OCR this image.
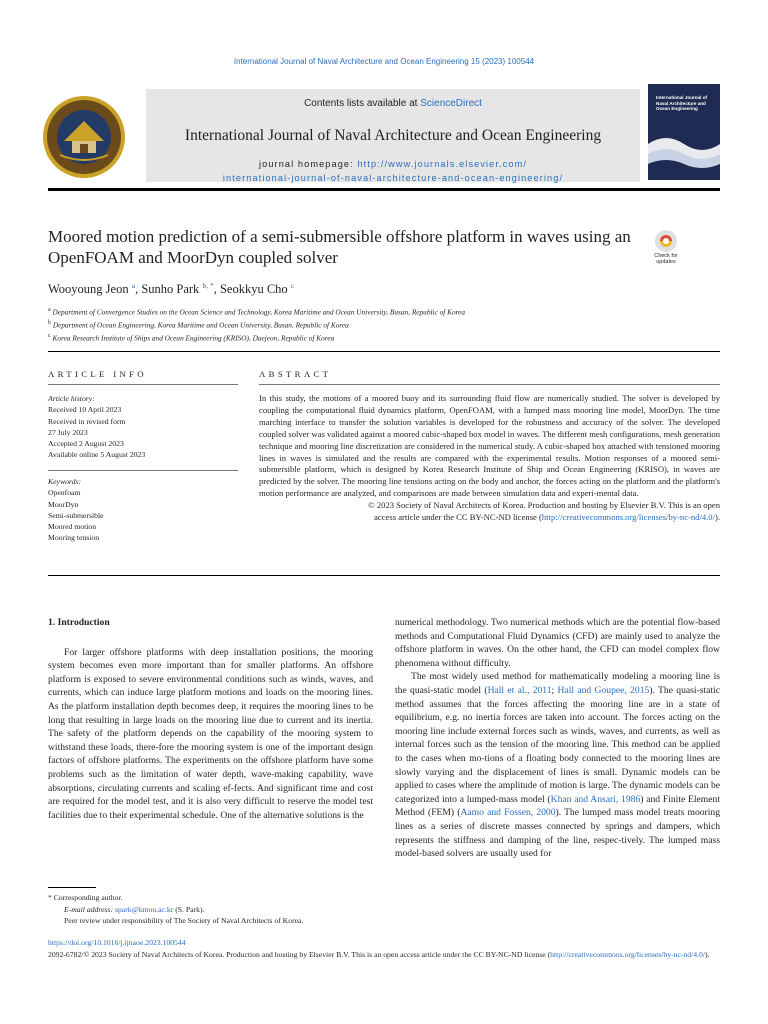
International Journal of Naval Architecture and Ocean Engineering 15 (2023) 100544
Contents lists available at ScienceDirect
International Journal of Naval Architecture and Ocean Engineering
journal homepage: http://www.journals.elsevier.com/
international-journal-of-naval-architecture-and-ocean-engineering/
International Journal of Naval Architecture and Ocean Engineering
Moored motion prediction of a semi-submersible offshore platform in waves using an OpenFOAM and MoorDyn coupled solver	Check for
updates
Wooyoung Jeon $^a$, Sunho Park $^{b, *}$, Seokkyu Cho $^c$
$^a$ Department of Convergence Studies on the Ocean Science and Technology, Korea Maritime and Ocean University, Busan, Republic of Korea
$^b$ Department of Ocean Engineering, Korea Maritime and Ocean University, Busan, Republic of Korea
$^c$ Korea Research Institute of Ships and Ocean Engineering (KRISO), Daejeon, Republic of Korea
ARTICLE INFO	ABSTRACT
Article history:
Received 10 April 2023
Received in revised form
27 July 2023
Accepted 2 August 2023
Available online 5 August 2023
Keywords:
Openfoam
MoorDyn
Semi-submersible
Moored motion
Mooring tension
In this study, the motions of a moored buoy and its surrounding fluid flow are numerically studied. The solver is developed by coupling the computational fluid dynamics platform, OpenFOAM, with a lumped mass mooring line model, MoorDyn. The time marching interface to transfer the solution variables is developed for the robustness and accuracy of the solver. The developed coupled solver was validated against a moored cubic-shaped box model in waves. The different mesh configurations, mesh generation technique and mooring line discretization are considered in the numerical study. A cubic-shaped box attached with tensioned mooring lines in waves is simulated and the results are compared with the experimental results. Motion responses of a moored semi-submersible platform, which is designed by Korea Research Institute of Ship and Ocean Engineering (KRISO), in waves are predicted by the solver. The mooring line tensions acting on the body and anchor, the forces acting on the platform and the platform's motion performance are analyzed, and comparisons are made between simulation data and experi-mental data.
© 2023 Society of Naval Architects of Korea. Production and hosting by Elsevier B.V. This is an open
access article under the CC BY-NC-ND license (http://creativecommons.org/licenses/by-nc-nd/4.0/).
1. Introduction

For larger offshore platforms with deep installation positions, the mooring system becomes even more important than for smaller platforms. An offshore platform is exposed to severe environmental conditions such as winds, waves, and currents, which can induce large platform motions and loads on the mooring lines. As the platform installation depth becomes deep, it requires the mooring lines to be long that resulting in large loads on the mooring line due to current and its inertia. The safety of the platform depends on the capability of the mooring system to withstand these loads, there-fore the mooring system is one of the important design factors of offshore platforms. The experiments on the offshore platform have some problems such as the limitation of water depth, wave-making capability, wave absorptions, circulating currents and scaling ef-fects. And significant time and cost are required for the model test, and it is also very difficult to reserve the model test facilities due to their experimental schedule. One of the alternative solutions is the

numerical methodology. Two numerical methods which are the potential flow-based methods and Computational Fluid Dynamics (CFD) are mainly used to analyze the offshore platform in waves. On the other hand, the CFD can model complex flow phenomena without difficulty.

The most widely used method for mathematically modeling a mooring line is the quasi-static model (Hall et al., 2011; Hall and Goupee, 2015). The quasi-static method assumes that the forces affecting the mooring line are in a state of equilibrium, e.g. no inertia forces are taken into account. The forces acting on the mooring line include external forces such as winds, waves, and currents, as well as internal forces such as the tension of the mooring line. This method can be applied to the cases when mo-tions of a floating body connected to the mooring lines are slowly varying and the displacement of lines is small. Dynamic models can be applied to cases where the amplitude of motion is large. The dynamic models can be categorized into a lumped-mass model (Khan and Ansari, 1986) and Finite Element Method (FEM) (Aamo and Fossen, 2000). The lumped mass model treats mooring lines as a series of discrete masses connected by springs and dampers, which represents the stiffness and damping of the line, respec-tively. The lumped mass model-based solvers are usually used for

* Corresponding author.
E-mail address: spark@kmou.ac.kr (S. Park).
Peer review under responsibility of The Society of Naval Architects of Korea.
https://doi.org/10.1016/j.ijnaoe.2023.100544
2092-6782/© 2023 Society of Naval Architects of Korea. Production and hosting by Elsevier B.V. This is an open access article under the CC BY-NC-ND license (http://creativecommons.org/licenses/by-nc-nd/4.0/).
